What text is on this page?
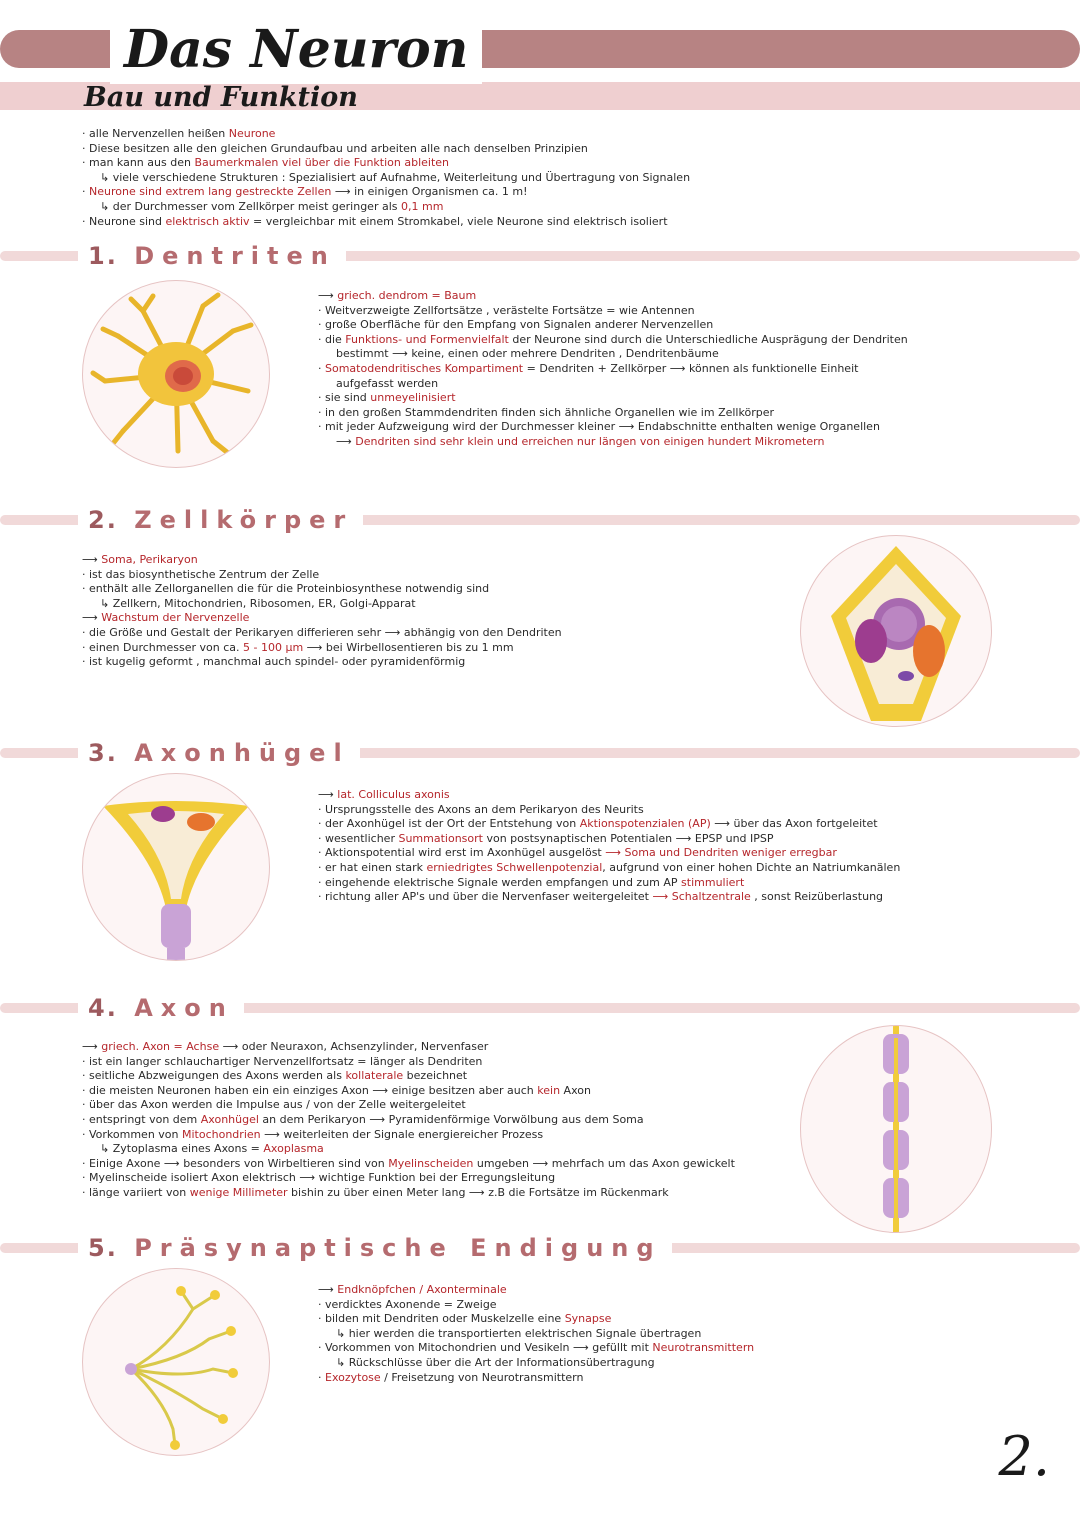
Das Neuron
Bau und Funktion
· alle Nervenzellen heißen Neurone
· Diese besitzen alle den gleichen Grundaufbau und arbeiten alle nach denselben Prinzipien
· man kann aus den Baumerkmalen viel über die Funktion ableiten
↳ viele verschiedene Strukturen : Spezialisiert auf Aufnahme, Weiterleitung und Übertragung von Signalen
· Neurone sind extrem lang gestreckte Zellen ⟶ in einigen Organismen ca. 1 m!
↳ der Durchmesser vom Zellkörper meist geringer als 0,1 mm
· Neurone sind elektrisch aktiv = vergleichbar mit einem Stromkabel, viele Neurone sind elektrisch isoliert
1. Dentriten
⟶ griech. dendrom = Baum
· Weitverzweigte Zellfortsätze , verästelte Fortsätze = wie Antennen
· große Oberfläche für den Empfang von Signalen anderer Nervenzellen
· die Funktions- und Formenvielfalt der Neurone sind durch die Unterschiedliche Ausprägung der Dendriten
bestimmt ⟶ keine, einen oder mehrere Dendriten , Dendritenbäume
· Somatodendritisches Kompartiment = Dendriten + Zellkörper ⟶ können als funktionelle Einheit
aufgefasst werden
· sie sind unmeyelinisiert
· in den großen Stammdendriten finden sich ähnliche Organellen wie im Zellkörper
· mit jeder Aufzweigung wird der Durchmesser kleiner ⟶ Endabschnitte enthalten wenige Organellen
⟶ Dendriten sind sehr klein und erreichen nur längen von einigen hundert Mikrometern
2. Zellkörper
⟶ Soma, Perikaryon
· ist das biosynthetische Zentrum der Zelle
· enthält alle Zellorganellen die für die Proteinbiosynthese notwendig sind
↳ Zellkern, Mitochondrien, Ribosomen, ER, Golgi-Apparat
⟶ Wachstum der Nervenzelle
· die Größe und Gestalt der Perikaryen differieren sehr ⟶ abhängig von den Dendriten
· einen Durchmesser von ca. 5 - 100 µm ⟶ bei Wirbellosentieren bis zu 1 mm
· ist kugelig geformt , manchmal auch spindel- oder pyramidenförmig
3. Axonhügel
⟶ lat. Colliculus axonis
· Ursprungsstelle des Axons an dem Perikaryon des Neurits
· der Axonhügel ist der Ort der Entstehung von Aktionspotenzialen (AP) ⟶ über das Axon fortgeleitet
· wesentlicher Summationsort von postsynaptischen Potentialen ⟶ EPSP und IPSP
· Aktionspotential wird erst im Axonhügel ausgelöst ⟶ Soma und Dendriten weniger erregbar
· er hat einen stark erniedrigtes Schwellenpotenzial, aufgrund von einer hohen Dichte an Natriumkanälen
· eingehende elektrische Signale werden empfangen und zum AP stimmuliert
· richtung aller AP's und über die Nervenfaser weitergeleitet ⟶ Schaltzentrale , sonst Reizüberlastung
4. Axon
⟶ griech. Axon = Achse ⟶ oder Neuraxon, Achsenzylinder, Nervenfaser
· ist ein langer schlauchartiger Nervenzellfortsatz = länger als Dendriten
· seitliche Abzweigungen des Axons werden als kollaterale bezeichnet
· die meisten Neuronen haben ein ein einziges Axon ⟶ einige besitzen aber auch kein Axon
· über das Axon werden die Impulse aus / von der Zelle weitergeleitet
· entspringt von dem Axonhügel an dem Perikaryon ⟶ Pyramidenförmige Vorwölbung aus dem Soma
· Vorkommen von Mitochondrien ⟶ weiterleiten der Signale energiereicher Prozess
↳ Zytoplasma eines Axons = Axoplasma
· Einige Axone ⟶ besonders von Wirbeltieren sind von Myelinscheiden umgeben ⟶ mehrfach um das Axon gewickelt
· Myelinscheide isoliert Axon elektrisch ⟶ wichtige Funktion bei der Erregungsleitung
· länge variiert von wenige Millimeter bishin zu über einen Meter lang ⟶ z.B die Fortsätze im Rückenmark
5. Präsynaptische Endigung
⟶ Endknöpfchen / Axonterminale
· verdicktes Axonende = Zweige
· bilden mit Dendriten oder Muskelzelle eine Synapse
↳ hier werden die transportierten elektrischen Signale übertragen
· Vorkommen von Mitochondrien und Vesikeln ⟶ gefüllt mit Neurotransmittern
↳ Rückschlüsse über die Art der Informationsübertragung
· Exozytose / Freisetzung von Neurotransmittern
2.
